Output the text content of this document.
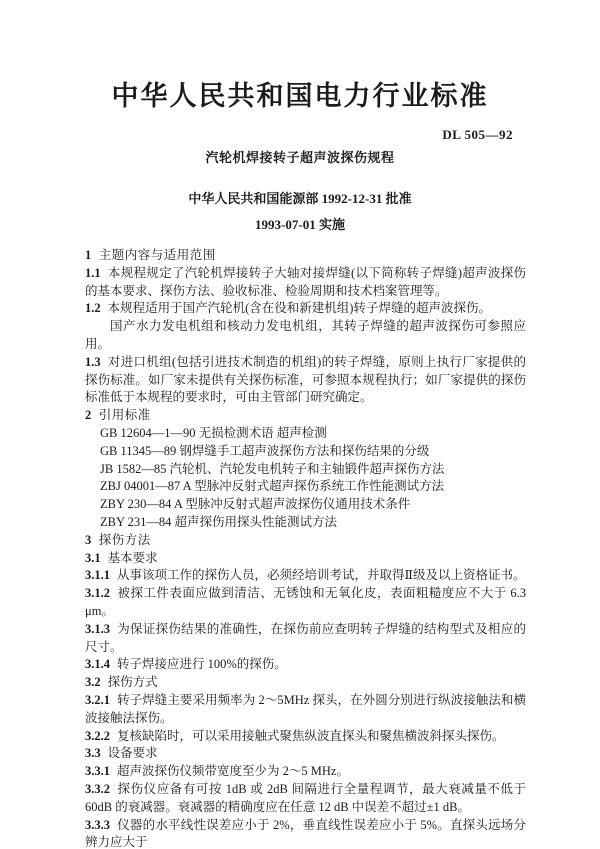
中华人民共和国电力行业标准
DL 505—92
汽轮机焊接转子超声波探伤规程
中华人民共和国能源部 1992-12-31 批准
1993-07-01 实施

1 主题内容与适用范围

1.1 本规程规定了汽轮机焊接转子大轴对接焊缝(以下简称转子焊缝)超声波探伤的基本要求、探伤方法、验收标准、检验周期和技术档案管理等。

1.2 本规程适用于国产汽轮机(含在役和新建机组)转子焊缝的超声波探伤。

国产水力发电机组和核动力发电机组，其转子焊缝的超声波探伤可参照应用。

1.3 对进口机组(包括引进技术制造的机组)的转子焊缝，原则上执行厂家提供的探伤标准。如厂家未提供有关探伤标准，可参照本规程执行；如厂家提供的探伤标准低于本规程的要求时，可由主管部门研究确定。

2 引用标准

GB 12604—1—90 无损检测术语 超声检测

GB 11345—89 钢焊缝手工超声波探伤方法和探伤结果的分级

JB 1582—85 汽轮机、汽轮发电机转子和主轴锻件超声探伤方法

ZBJ 04001—87 A 型脉冲反射式超声探伤系统工作性能测试方法

ZBY 230—84 A 型脉冲反射式超声波探伤仪通用技术条件

ZBY 231—84 超声探伤用探头性能测试方法

3 探伤方法

3.1 基本要求

3.1.1 从事该项工作的探伤人员，必须经培训考试，并取得Ⅱ级及以上资格证书。

3.1.2 被探工件表面应做到清洁、无锈蚀和无氧化皮，表面粗糙度应不大于 6.3 μm。

3.1.3 为保证探伤结果的准确性，在探伤前应查明转子焊缝的结构型式及相应的尺寸。

3.1.4 转子焊接应进行 100%的探伤。

3.2 探伤方式

3.2.1 转子焊缝主要采用频率为 2～5MHz 探头，在外圆分别进行纵波接触法和横波接触法探伤。

3.2.2 复核缺陷时，可以采用接触式聚焦纵波直探头和聚焦横波斜探头探伤。

3.3 设备要求

3.3.1 超声波探伤仪频带宽度至少为 2～5 MHz。

3.3.2 探伤仪应备有可按 1dB 或 2dB 间隔进行全量程调节，最大衰减量不低于 60dB 的衰减器。衰减器的精确度应在任意 12 dB 中误差不超过±1 dB。

3.3.3 仪器的水平线性误差应小于 2%，垂直线性误差应小于 5%。直探头远场分辨力应大于
